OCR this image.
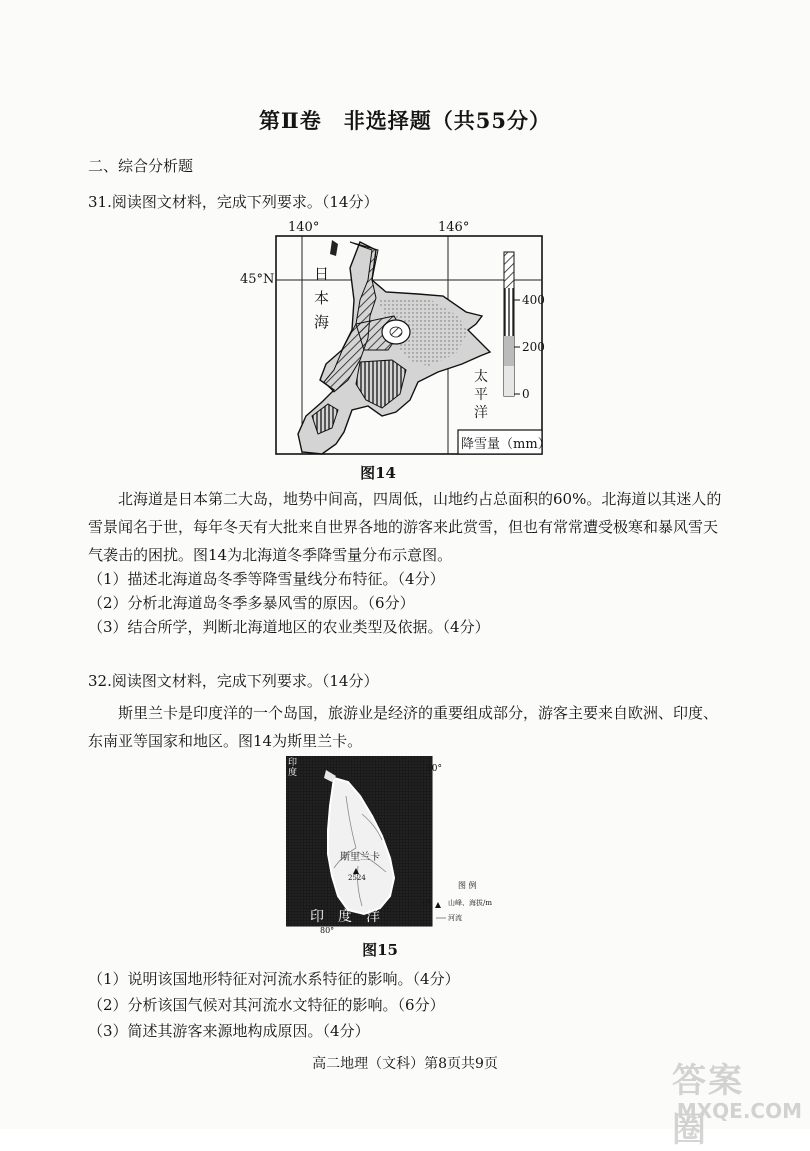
第Ⅱ卷　非选择题（共55分）
二、综合分析题
31.阅读图文材料，完成下列要求。（14分）
140°	146°
45°N	日
本
海
太
平
洋
400
200
0
降雪量（mm）
图14
北海道是日本第二大岛，地势中间高，四周低，山地约占总面积的60%。北海道以其迷人的雪景闻名于世，每年冬天有大批来自世界各地的游客来此赏雪，但也有常常遭受极寒和暴风雪天气袭击的困扰。图14为北海道冬季降雪量分布示意图。
（1）描述北海道岛冬季等降雪量线分布特征。（4分）
（2）分析北海道岛冬季多暴风雪的原因。（6分）
（3）结合所学，判断北海道地区的农业类型及依据。（4分）
32.阅读图文材料，完成下列要求。（14分）
斯里兰卡是印度洋的一个岛国，旅游业是经济的重要组成部分，游客主要来自欧洲、印度、东南亚等国家和地区。图14为斯里兰卡。
印度	10°
斯里兰卡
2524
图 例
山峰、海拔/m
河流
6°
印　度　洋
80°
图15
（1）说明该国地形特征对河流水系特征的影响。（4分）
（2）分析该国气候对其河流水文特征的影响。（6分）
（3）简述其游客来源地构成原因。（4分）
高二地理（文科）第8页共9页	答案圈
MXQE.COM
